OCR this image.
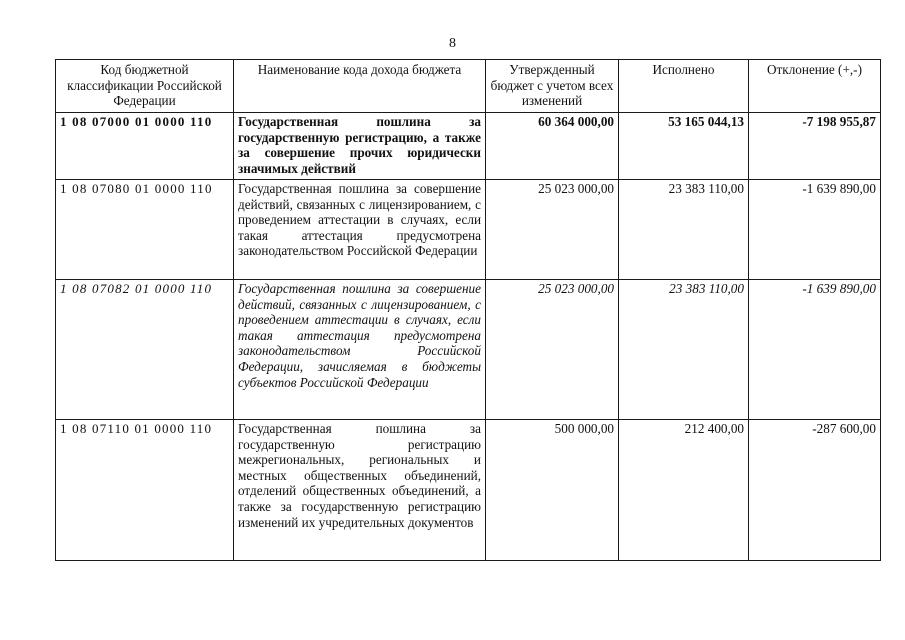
8
Код бюджетной классификации Российской Федерации	Наименование кода дохода бюджета	Утвержденный бюджет с учетом всех изменений	Исполнено	Отклонение (+,-)
1 08 07000 01 0000 110	Государственная пошлина за государственную регистрацию, а также за совершение прочих юридически значимых действий	60 364 000,00	53 165 044,13	-7 198 955,87
1 08 07080 01 0000 110	Государственная пошлина за совершение действий, связанных с лицензированием, с проведением аттестации в случаях, если такая аттестация предусмотрена законодательством Российской Федерации	25 023 000,00	23 383 110,00	-1 639 890,00
1 08 07082 01 0000 110	Государственная пошлина за совершение действий, связанных с лицензированием, с проведением аттестации в случаях, если такая аттестация предусмотрена законодательством Российской Федерации, зачисляемая в бюджеты субъектов Российской Федерации	25 023 000,00	23 383 110,00	-1 639 890,00
1 08 07110 01 0000 110	Государственная пошлина за государственную регистрацию межрегиональных, региональных и местных общественных объединений, отделений общественных объединений, а также за государственную регистрацию изменений их учредительных документов	500 000,00	212 400,00	-287 600,00
